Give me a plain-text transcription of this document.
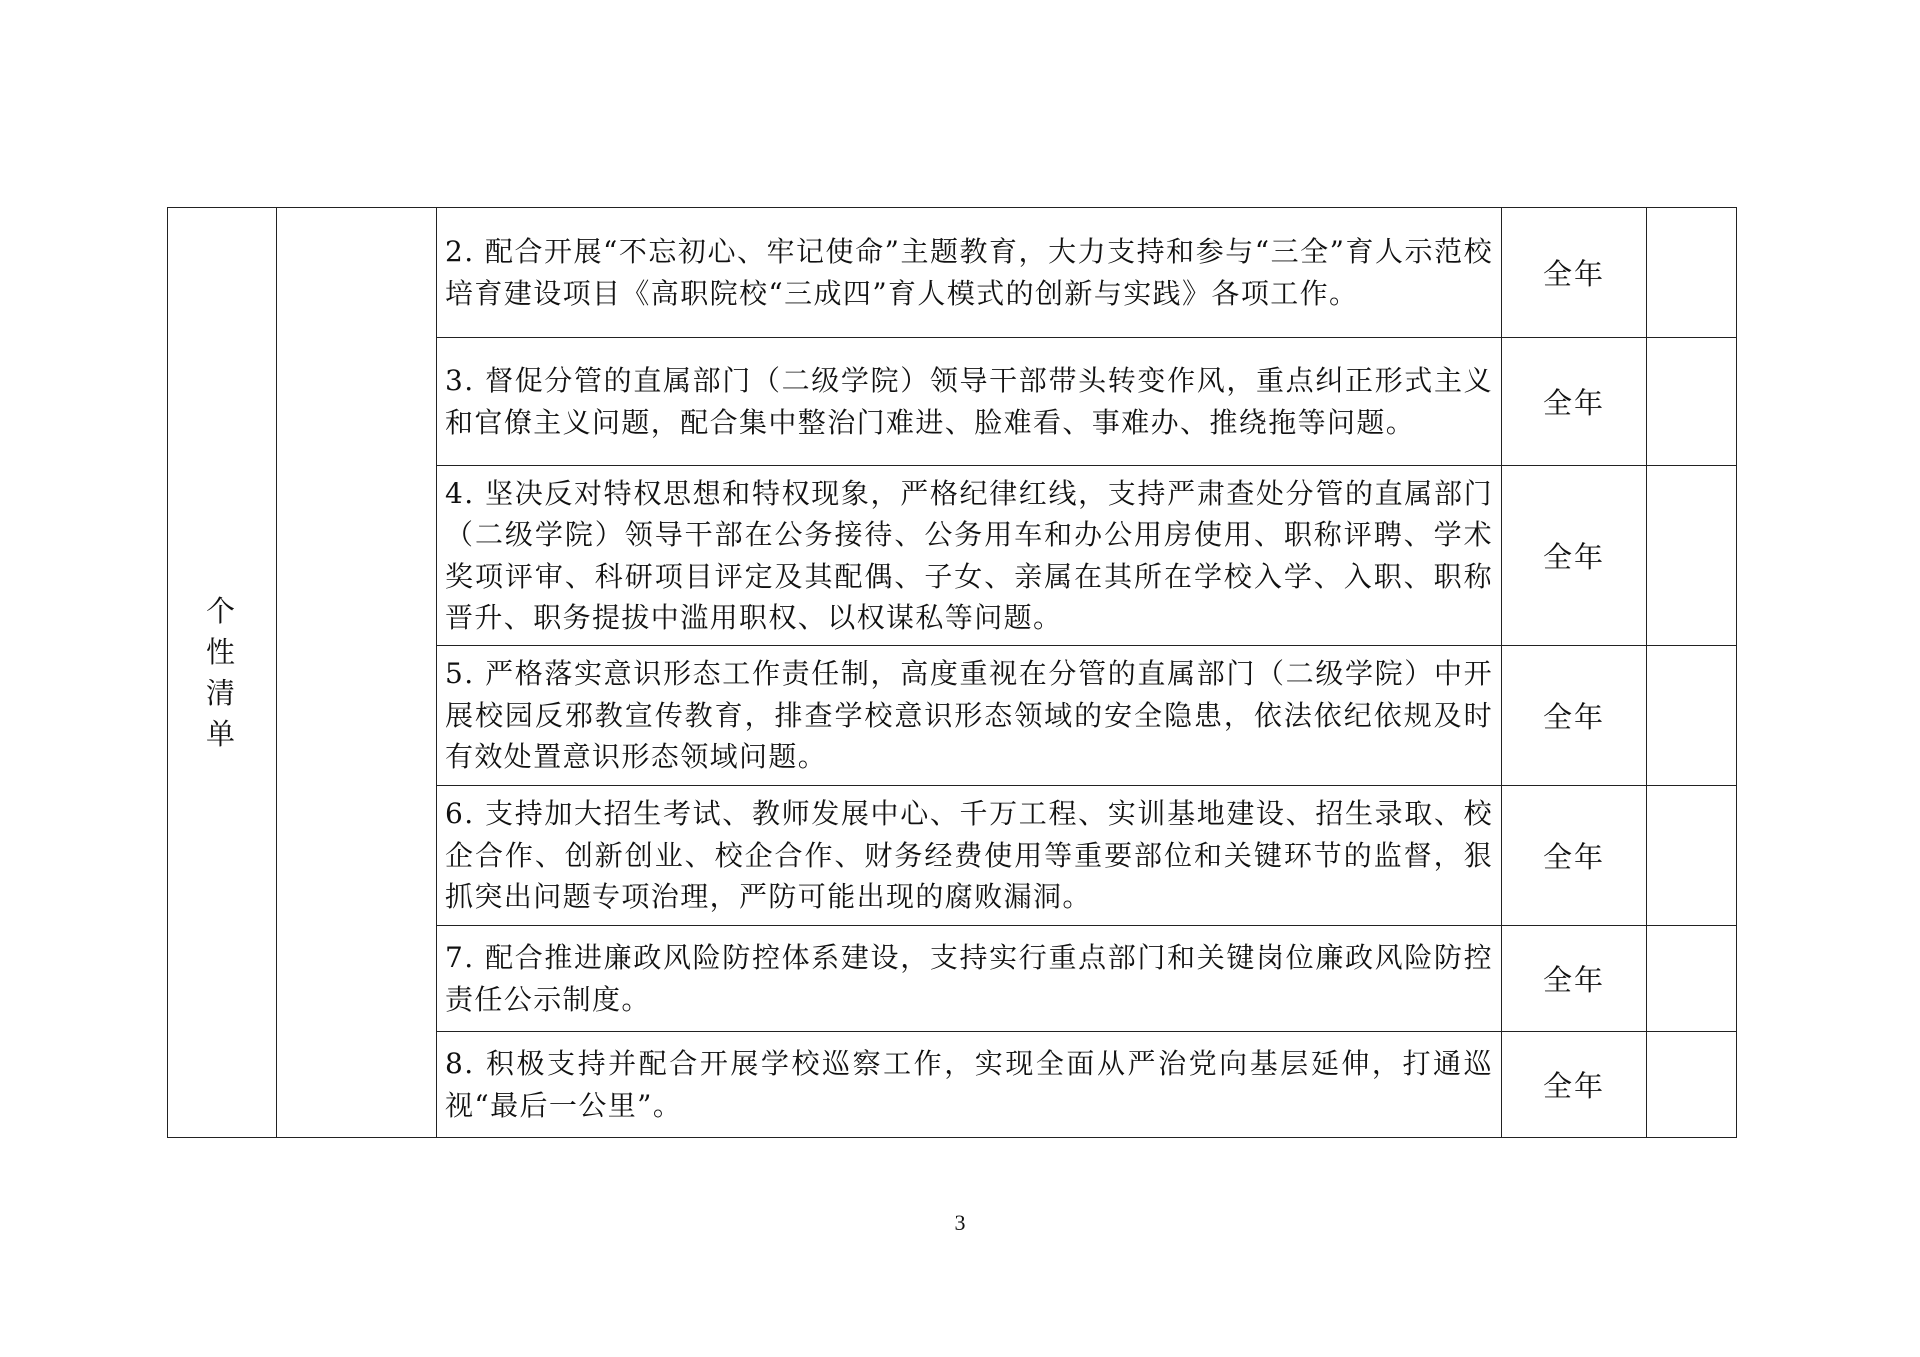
个性清单		2. 配合开展“不忘初心、牢记使命”主题教育，大力支持和参与“三全”育人示范校培育建设项目《高职院校“三成四”育人模式的创新与实践》各项工作。	全年	
		3. 督促分管的直属部门（二级学院）领导干部带头转变作风，重点纠正形式主义和官僚主义问题，配合集中整治门难进、脸难看、事难办、推绕拖等问题。	全年	
		4. 坚决反对特权思想和特权现象，严格纪律红线，支持严肃查处分管的直属部门（二级学院）领导干部在公务接待、公务用车和办公用房使用、职称评聘、学术奖项评审、科研项目评定及其配偶、子女、亲属在其所在学校入学、入职、职称晋升、职务提拔中滥用职权、以权谋私等问题。	全年	
		5. 严格落实意识形态工作责任制，高度重视在分管的直属部门（二级学院）中开展校园反邪教宣传教育，排查学校意识形态领域的安全隐患，依法依纪依规及时有效处置意识形态领域问题。	全年	
		6. 支持加大招生考试、教师发展中心、千万工程、实训基地建设、招生录取、校企合作、创新创业、校企合作、财务经费使用等重要部位和关键环节的监督，狠抓突出问题专项治理，严防可能出现的腐败漏洞。	全年	
		7. 配合推进廉政风险防控体系建设，支持实行重点部门和关键岗位廉政风险防控责任公示制度。	全年	
		8. 积极支持并配合开展学校巡察工作，实现全面从严治党向基层延伸，打通巡视“最后一公里”。	全年	
3
